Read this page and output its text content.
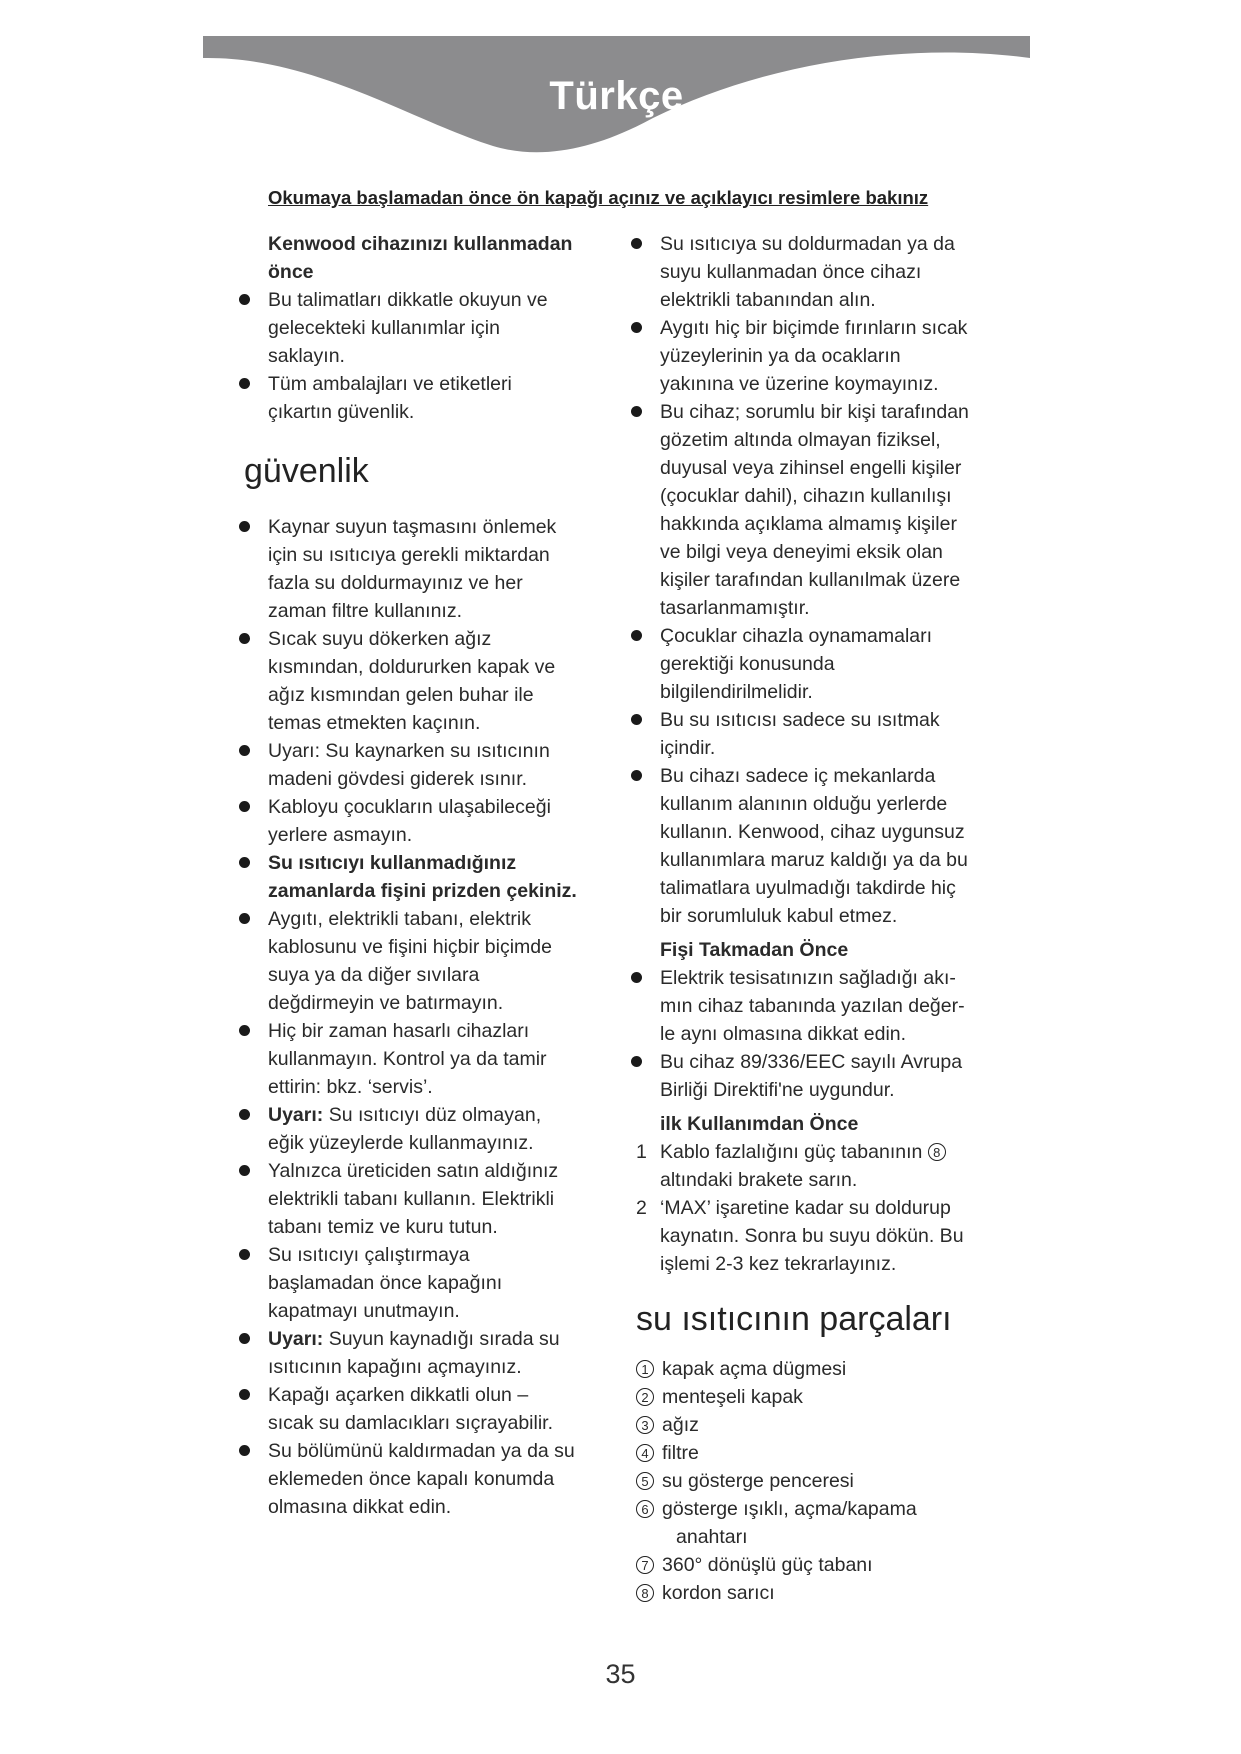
Türkçe

Okumaya başlamadan önce ön kapağı açınız ve açıklayıcı resimlere bakınız

Kenwood cihazınızı kullanmadan
önce

Bu talimatları dikkatle okuyun ve
gelecekteki kullanımlar için
saklayın.

Tüm ambalajları ve etiketleri
çıkartın güvenlik.

güvenlik

Kaynar suyun taşmasını önlemek
için su ısıtıcıya gerekli miktardan
fazla su doldurmayınız ve her
zaman filtre kullanınız.

Sıcak suyu dökerken ağız
kısmından, doldururken kapak ve
ağız kısmından gelen buhar ile
temas etmekten kaçının.

Uyarı: Su kaynarken su ısıtıcının
madeni gövdesi giderek ısınır.

Kabloyu çocukların ulaşabileceği
yerlere asmayın.

Su ısıtıcıyı kullanmadığınız
zamanlarda fişini prizden çekiniz.

Aygıtı, elektrikli tabanı, elektrik
kablosunu ve fişini hiçbir biçimde
suya ya da diğer sıvılara
değdirmeyin ve batırmayın.

Hiç bir zaman hasarlı cihazları
kullanmayın. Kontrol ya da tamir
ettirin: bkz. ‘servis’.

Uyarı: Su ısıtıcıyı düz olmayan,
eğik yüzeylerde kullanmayınız.

Yalnızca üreticiden satın aldığınız
elektrikli tabanı kullanın. Elektrikli
tabanı temiz ve kuru tutun.

Su ısıtıcıyı çalıştırmaya
başlamadan önce kapağını
kapatmayı unutmayın.

Uyarı: Suyun kaynadığı sırada su
ısıtıcının kapağını açmayınız.

Kapağı açarken dikkatli olun –
sıcak su damlacıkları sıçrayabilir.

Su bölümünü kaldırmadan ya da su
eklemeden önce kapalı konumda
olmasına dikkat edin.

Su ısıtıcıya su doldurmadan ya da
suyu kullanmadan önce cihazı
elektrikli tabanından alın.

Aygıtı hiç bir biçimde fırınların sıcak
yüzeylerinin ya da ocakların
yakınına ve üzerine koymayınız.

Bu cihaz; sorumlu bir kişi tarafından
gözetim altında olmayan fiziksel,
duyusal veya zihinsel engelli kişiler
(çocuklar dahil), cihazın kullanılışı
hakkında açıklama almamış kişiler
ve bilgi veya deneyimi eksik olan
kişiler tarafından kullanılmak üzere
tasarlanmamıştır.

Çocuklar cihazla oynamamaları
gerektiği konusunda
bilgilendirilmelidir.

Bu su ısıtıcısı sadece su ısıtmak
içindir.

Bu cihazı sadece iç mekanlarda
kullanım alanının olduğu yerlerde
kullanın. Kenwood, cihaz uygunsuz
kullanımlara maruz kaldığı ya da bu
talimatlara uyulmadığı takdirde hiç
bir sorumluluk kabul etmez.

Fişi Takmadan Önce

Elektrik tesisatınızın sağladığı akı-
mın cihaz tabanında yazılan değer-
le aynı olmasına dikkat edin.

Bu cihaz 89/336/EEC sayılı Avrupa
Birliği Direktifi'ne uygundur.

ilk Kullanımdan Önce

1 Kablo fazlalığını güç tabanının 8
altındaki brakete sarın.

2 ‘MAX’ işaretine kadar su doldurup
kaynatın. Sonra bu suyu dökün. Bu
işlemi 2-3 kez tekrarlayınız.

su ısıtıcının parçaları

1 kapak açma dügmesi

2 menteşeli kapak

3 ağız

4 filtre

5 su gösterge penceresi

6 gösterge ışıklı, açma/kapama
anahtarı

7 360° dönüşlü güç tabanı

8 kordon sarıcı

35
